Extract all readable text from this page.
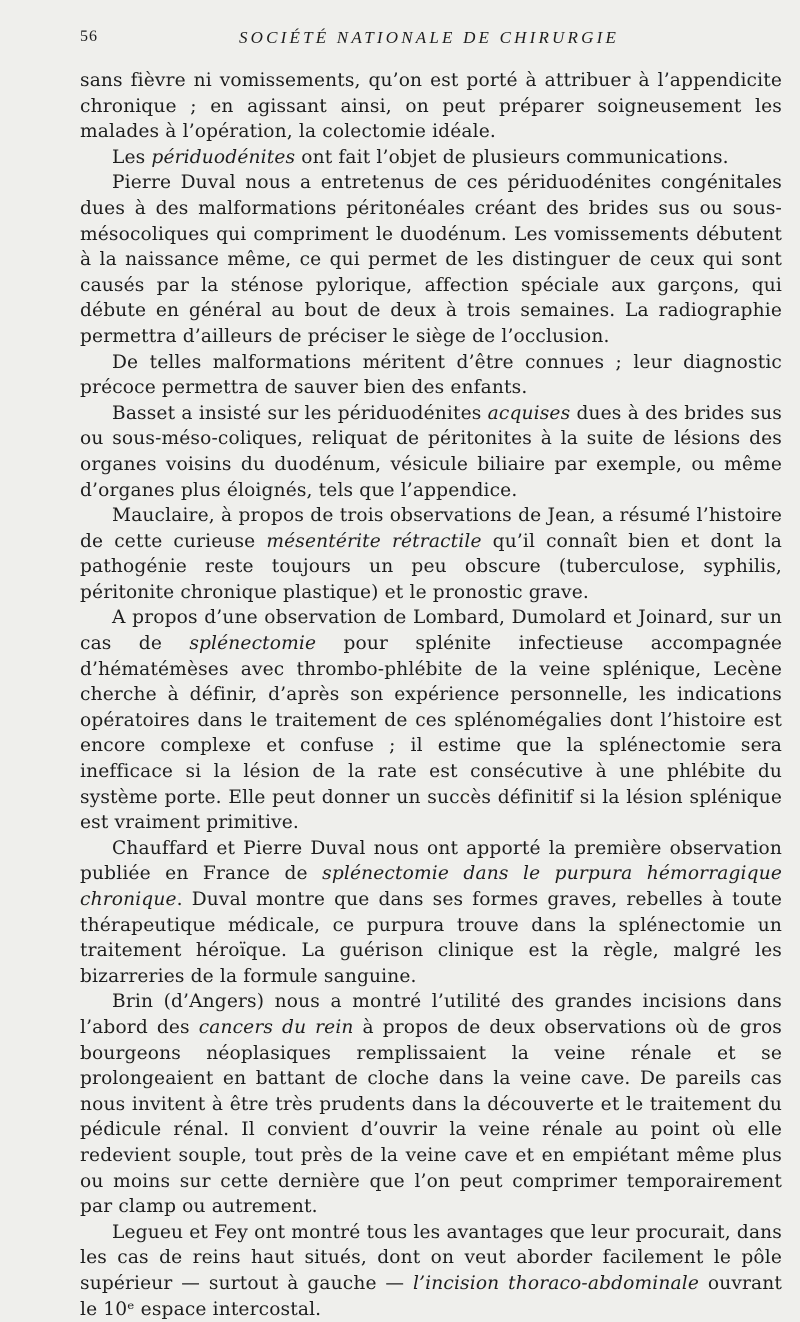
56	SOCIÉTÉ NATIONALE DE CHIRURGIE

sans fièvre ni vomissements, qu’on est porté à attribuer à l’appendicite chronique ; en agissant ainsi, on peut préparer soigneusement les malades à l’opération, la colectomie idéale.

Les périduodénites ont fait l’objet de plusieurs communications.

Pierre Duval nous a entretenus de ces périduodénites congénitales dues à des malformations péritonéales créant des brides sus ou sous-mésocoliques qui compriment le duodénum. Les vomissements débutent à la naissance même, ce qui permet de les distinguer de ceux qui sont causés par la sténose pylorique, affection spéciale aux garçons, qui débute en général au bout de deux à trois semaines. La radiographie permettra d’ailleurs de préciser le siège de l’occlusion.

De telles malformations méritent d’être connues ; leur diagnostic précoce permettra de sauver bien des enfants.

Basset a insisté sur les périduodénites acquises dues à des brides sus ou sous-méso-coliques, reliquat de péritonites à la suite de lésions des organes voisins du duodénum, vésicule biliaire par exemple, ou même d’organes plus éloignés, tels que l’appendice.

Mauclaire, à propos de trois observations de Jean, a résumé l’histoire de cette curieuse mésentérite rétractile qu’il connaît bien et dont la pathogénie reste toujours un peu obscure (tuberculose, syphilis, péritonite chronique plastique) et le pronostic grave.

A propos d’une observation de Lombard, Dumolard et Joinard, sur un cas de splénectomie pour splénite infectieuse accompagnée d’hématémèses avec thrombo-phlébite de la veine splénique, Lecène cherche à définir, d’après son expérience personnelle, les indications opératoires dans le traitement de ces splénomégalies dont l’histoire est encore complexe et confuse ; il estime que la splénectomie sera inefficace si la lésion de la rate est consécutive à une phlébite du système porte. Elle peut donner un succès définitif si la lésion splénique est vraiment primitive.

Chauffard et Pierre Duval nous ont apporté la première observation publiée en France de splénectomie dans le purpura hémorragique chronique. Duval montre que dans ses formes graves, rebelles à toute thérapeutique médicale, ce purpura trouve dans la splénectomie un traitement héroïque. La guérison clinique est la règle, malgré les bizarreries de la formule sanguine.

Brin (d’Angers) nous a montré l’utilité des grandes incisions dans l’abord des cancers du rein à propos de deux observations où de gros bourgeons néoplasiques remplissaient la veine rénale et se prolongeaient en battant de cloche dans la veine cave. De pareils cas nous invitent à être très prudents dans la découverte et le traitement du pédicule rénal. Il convient d’ouvrir la veine rénale au point où elle redevient souple, tout près de la veine cave et en empiétant même plus ou moins sur cette dernière que l’on peut comprimer temporairement par clamp ou autrement.

Legueu et Fey ont montré tous les avantages que leur procurait, dans les cas de reins haut situés, dont on veut aborder facilement le pôle supérieur — surtout à gauche — l’incision thoraco-abdominale ouvrant le 10ᵉ espace intercostal.
